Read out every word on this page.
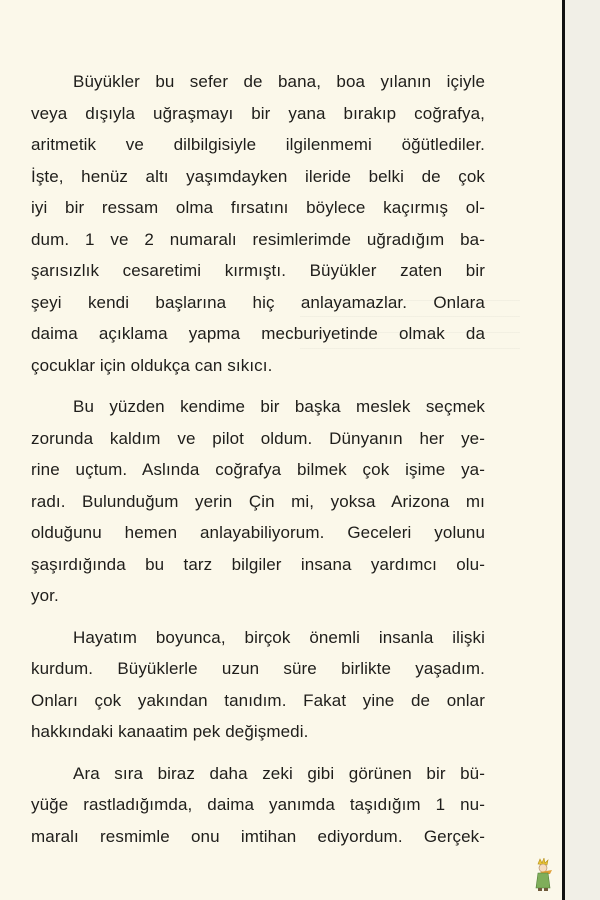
Büyükler bu sefer de bana, boa yılanın içiyle
veya dışıyla uğraşmayı bir yana bırakıp coğrafya,
aritmetik ve dilbilgisiyle ilgilenmemi öğütlediler.
İşte, henüz altı yaşımdayken ileride belki de çok
iyi bir ressam olma fırsatını böylece kaçırmış ol-
dum. 1 ve 2 numaralı resimlerimde uğradığım ba-
şarısızlık cesaretimi kırmıştı. Büyükler zaten bir
şeyi kendi başlarına hiç anlayamazlar. Onlara
daima açıklama yapma mecburiyetinde olmak da
çocuklar için oldukça can sıkıcı.
Bu yüzden kendime bir başka meslek seçmek
zorunda kaldım ve pilot oldum. Dünyanın her ye-
rine uçtum. Aslında coğrafya bilmek çok işime ya-
radı. Bulunduğum yerin Çin mi, yoksa Arizona mı
olduğunu hemen anlayabiliyorum. Geceleri yolunu
şaşırdığında bu tarz bilgiler insana yardımcı olu-
yor.
Hayatım boyunca, birçok önemli insanla ilişki
kurdum. Büyüklerle uzun süre birlikte yaşadım.
Onları çok yakından tanıdım. Fakat yine de onlar
hakkındaki kanaatim pek değişmedi.
Ara sıra biraz daha zeki gibi görünen bir bü-
yüğe rastladığımda, daima yanımda taşıdığım 1 nu-
maralı resmimle onu imtihan ediyordum. Gerçek-
